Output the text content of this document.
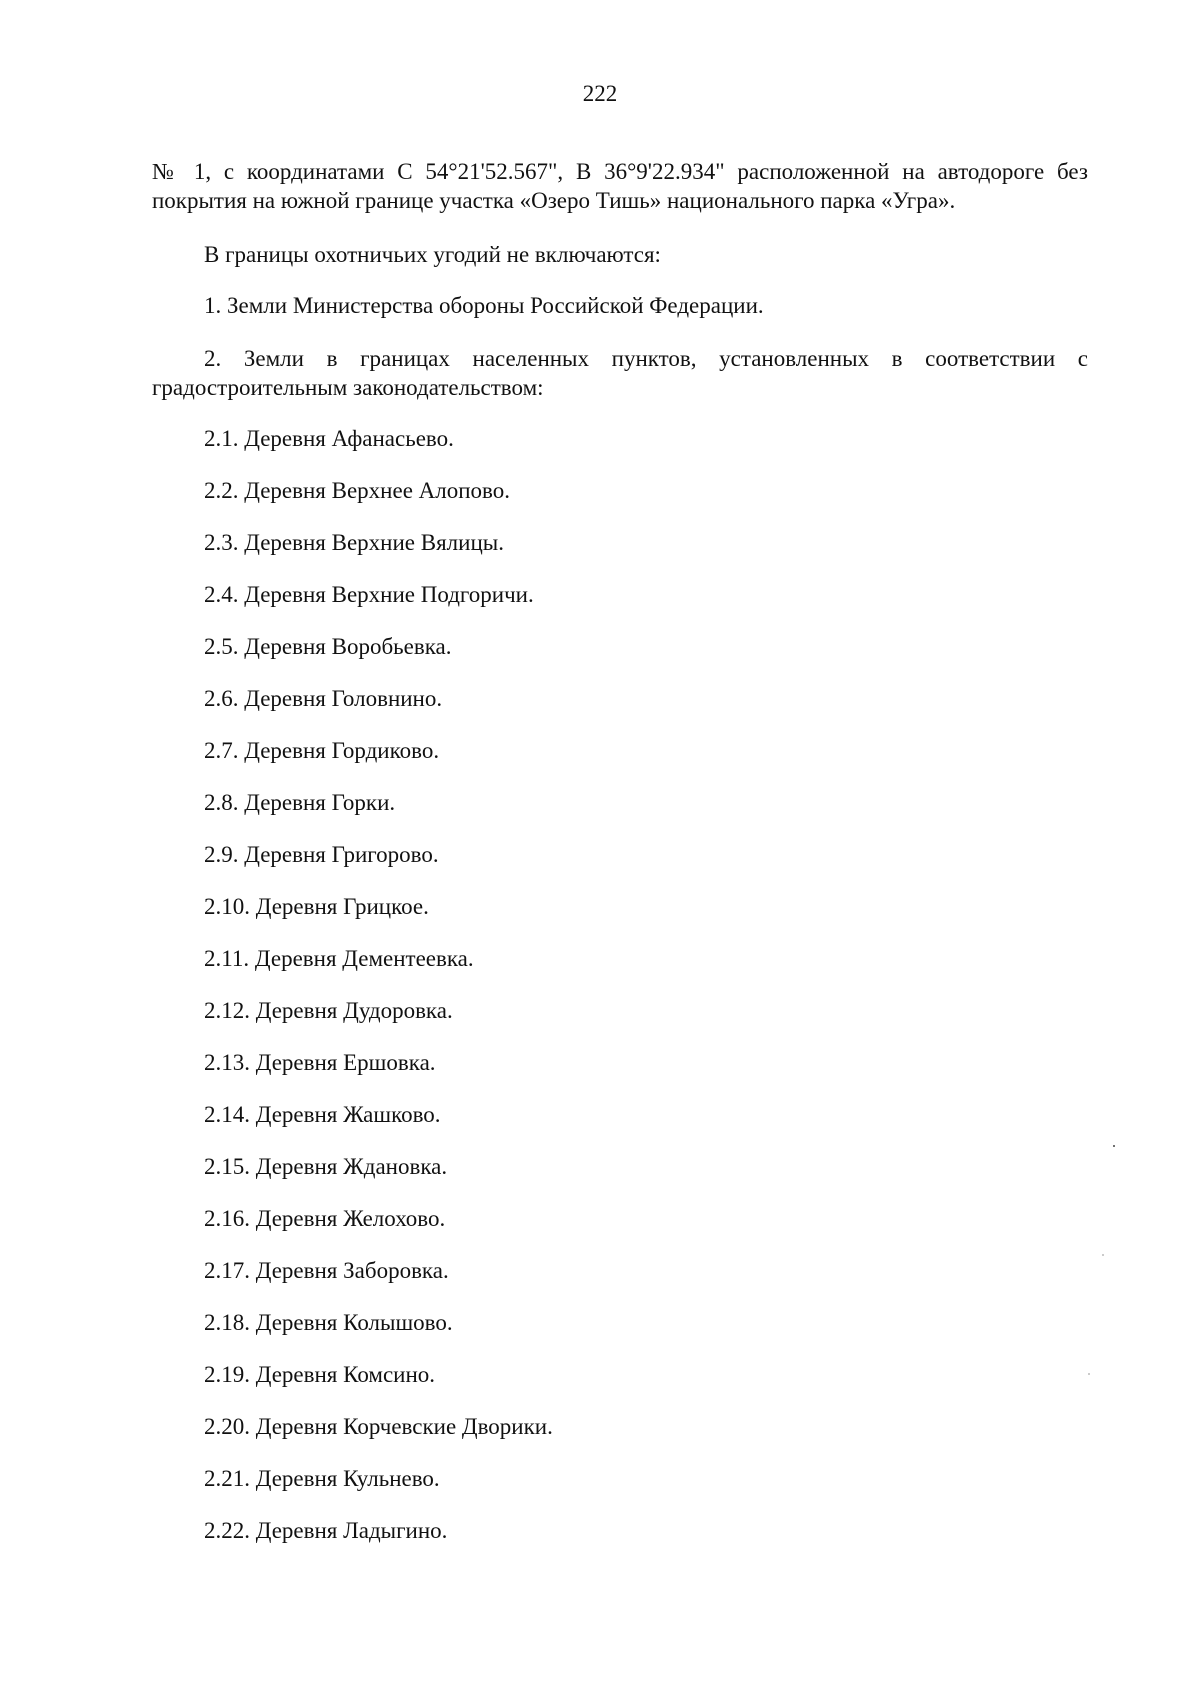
222

№ 1, с координатами С 54°21'52.567", В 36°9'22.934" расположенной на автодороге без покрытия на южной границе участка «Озеро Тишь» национального парка «Угра».

В границы охотничьих угодий не включаются:

1. Земли Министерства обороны Российской Федерации.

2. Земли в границах населенных пунктов, установленных в соответствии с градостроительным законодательством:

2.1. Деревня Афанасьево.
2.2. Деревня Верхнее Алопово.
2.3. Деревня Верхние Вялицы.
2.4. Деревня Верхние Подгоричи.
2.5. Деревня Воробьевка.
2.6. Деревня Головнино.
2.7. Деревня Гордиково.
2.8. Деревня Горки.
2.9. Деревня Григорово.
2.10. Деревня Грицкое.
2.11. Деревня Дементеевка.
2.12. Деревня Дудоровка.
2.13. Деревня Ершовка.
2.14. Деревня Жашково.
2.15. Деревня Ждановка.
2.16. Деревня Желохово.
2.17. Деревня Заборовка.
2.18. Деревня Колышово.
2.19. Деревня Комсино.
2.20. Деревня Корчевские Дворики.
2.21. Деревня Кульнево.
2.22. Деревня Ладыгино.
